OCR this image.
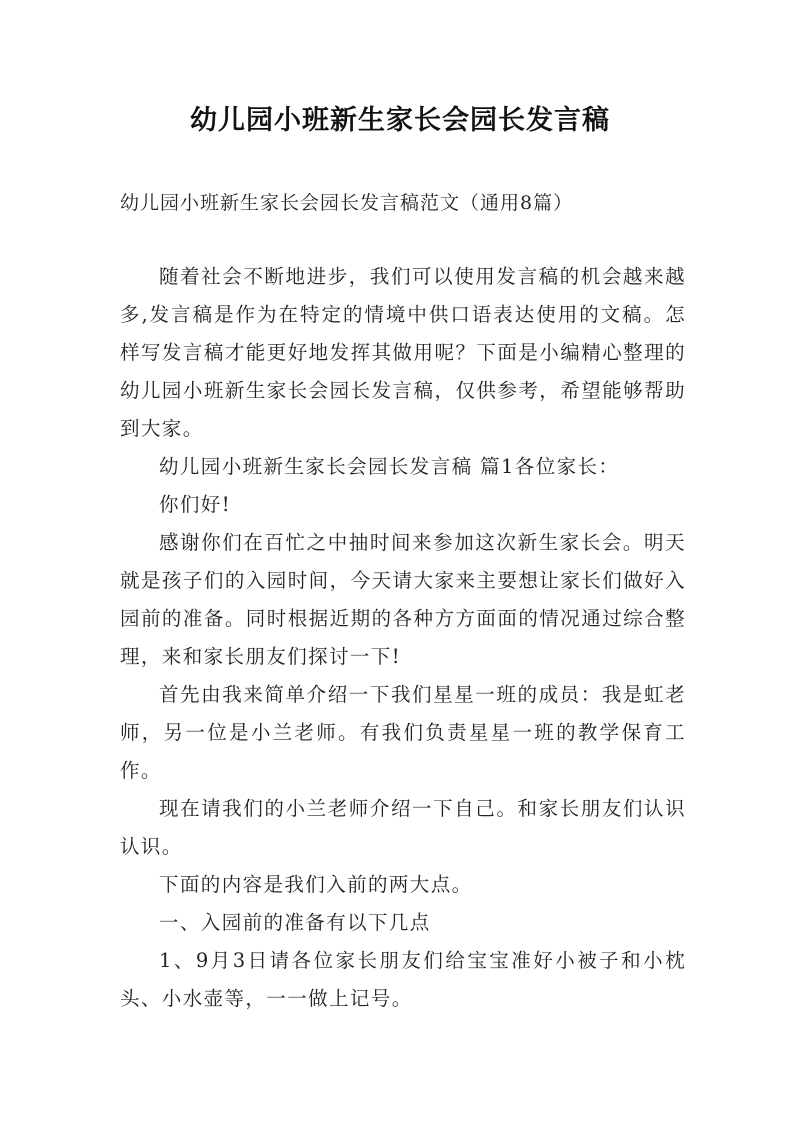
幼儿园小班新生家长会园长发言稿

幼儿园小班新生家长会园长发言稿范文（通用8篇）

随着社会不断地进步，我们可以使用发言稿的机会越来越多,发言稿是作为在特定的情境中供口语表达使用的文稿。怎样写发言稿才能更好地发挥其做用呢？下面是小编精心整理的幼儿园小班新生家长会园长发言稿，仅供参考，希望能够帮助到大家。

幼儿园小班新生家长会园长发言稿 篇1各位家长：

你们好!

感谢你们在百忙之中抽时间来参加这次新生家长会。明天就是孩子们的入园时间，今天请大家来主要想让家长们做好入园前的准备。同时根据近期的各种方方面面的情况通过综合整理，来和家长朋友们探讨一下!

首先由我来简单介绍一下我们星星一班的成员：我是虹老师，另一位是小兰老师。有我们负责星星一班的教学保育工作。

现在请我们的小兰老师介绍一下自己。和家长朋友们认识认识。

下面的内容是我们入前的两大点。

一、入园前的准备有以下几点

1、9月3日请各位家长朋友们给宝宝准好小被子和小枕头、小水壶等，一一做上记号。
